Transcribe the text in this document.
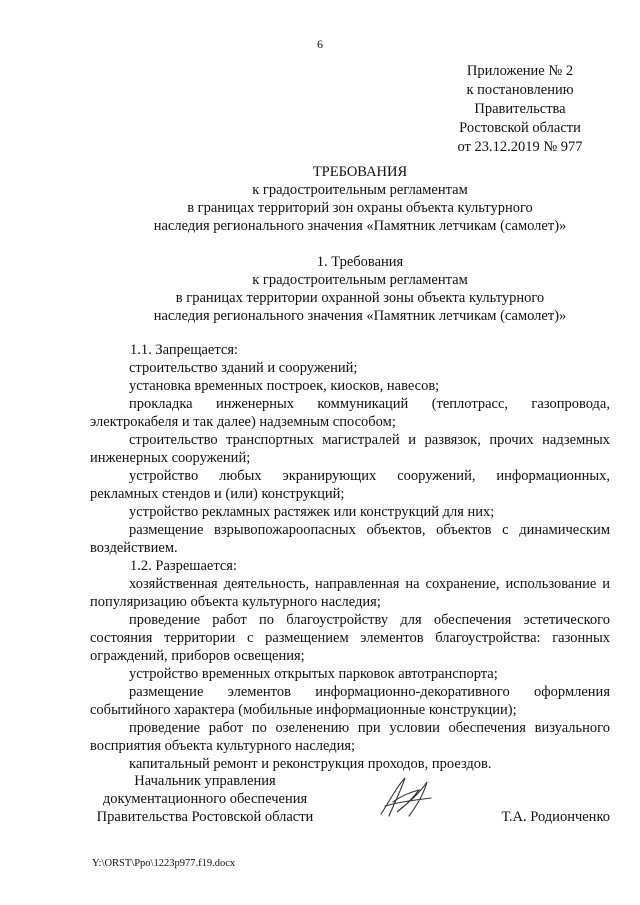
6
Приложение № 2
к постановлению
Правительства
Ростовской области
от 23.12.2019 № 977
ТРЕБОВАНИЯ
к градостроительным регламентам
в границах территорий зон охраны объекта культурного
наследия регионального значения «Памятник летчикам (самолет)»
1. Требования
к градостроительным регламентам
в границах территории охранной зоны объекта культурного
наследия регионального значения «Памятник летчикам (самолет)»

1.1. Запрещается:

строительство зданий и сооружений;

установка временных построек, киосков, навесов;

прокладка инженерных коммуникаций (теплотрасс, газопровода, электрокабеля и так далее) надземным способом;

строительство транспортных магистралей и развязок, прочих надземных инженерных сооружений;

устройство любых экранирующих сооружений, информационных, рекламных стендов и (или) конструкций;

устройство рекламных растяжек или конструкций для них;

размещение взрывопожароопасных объектов, объектов с динамическим воздействием.

1.2. Разрешается:

хозяйственная деятельность, направленная на сохранение, использование и популяризацию объекта культурного наследия;

проведение работ по благоустройству для обеспечения эстетического состояния территории с размещением элементов благоустройства: газонных ограждений, приборов освещения;

устройство временных открытых парковок автотранспорта;

размещение элементов информационно-декоративного оформления событийного характера (мобильные информационные конструкции);

проведение работ по озеленению при условии обеспечения визуального восприятия объекта культурного наследия;

капитальный ремонт и реконструкция проходов, проездов.

Начальник управления
документационного обеспечения
Правительства Ростовской области	Т.А. Родионченко
Y:\ORST\Ppo\1223p977.f19.docx
